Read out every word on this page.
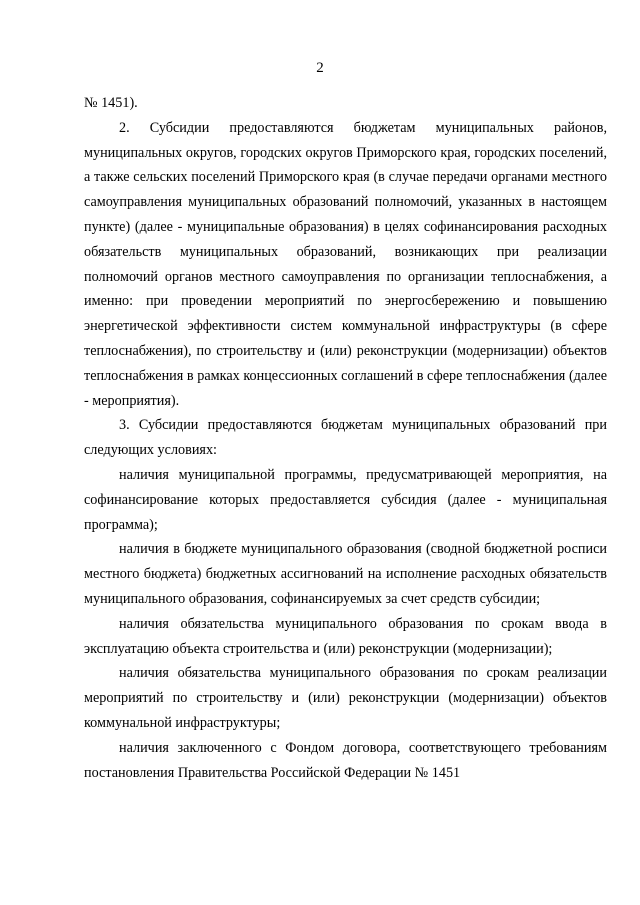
2

№ 1451).

2. Субсидии предоставляются бюджетам муниципальных районов, муниципальных округов, городских округов Приморского края, городских поселений, а также сельских поселений Приморского края (в случае передачи органами местного самоуправления муниципальных образований полномочий, указанных в настоящем пункте) (далее - муниципальные образования) в целях софинансирования расходных обязательств муниципальных образований, возникающих при реализации полномочий органов местного самоуправления по организации теплоснабжения, а именно: при проведении мероприятий по энергосбережению и повышению энергетической эффективности систем коммунальной инфраструктуры (в сфере теплоснабжения), по строительству и (или) реконструкции (модернизации) объектов теплоснабжения в рамках концессионных соглашений в сфере теплоснабжения (далее - мероприятия).

3. Субсидии предоставляются бюджетам муниципальных образований при следующих условиях:

наличия муниципальной программы, предусматривающей мероприятия, на софинансирование которых предоставляется субсидия (далее - муниципальная программа);

наличия в бюджете муниципального образования (сводной бюджетной росписи местного бюджета) бюджетных ассигнований на исполнение расходных обязательств муниципального образования, софинансируемых за счет средств субсидии;

наличия обязательства муниципального образования по срокам ввода в эксплуатацию объекта строительства и (или) реконструкции (модернизации);

наличия обязательства муниципального образования по срокам реализации мероприятий по строительству и (или) реконструкции (модернизации) объектов коммунальной инфраструктуры;

наличия заключенного с Фондом договора, соответствующего требованиям постановления Правительства Российской Федерации № 1451
